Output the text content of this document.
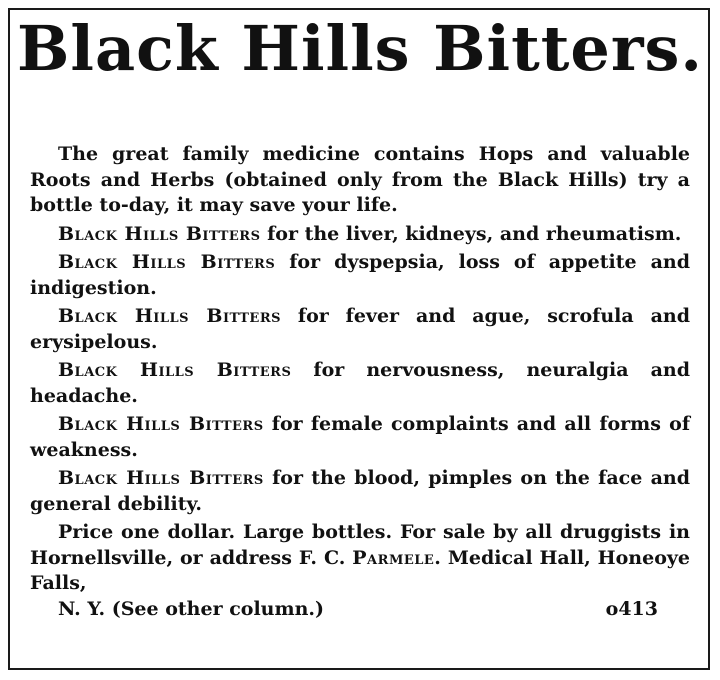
Black Hills Bitters.

The great family medicine contains Hops and valuable Roots and Herbs (obtained only from the Black Hills) try a bottle to-day, it may save your life.

Black Hills Bitters for the liver, kidneys, and rheumatism.

Black Hills Bitters for dyspepsia, loss of appetite and indigestion.

Black Hills Bitters for fever and ague, scrofula and erysipelous.

Black Hills Bitters for nervousness, neuralgia and headache.

Black Hills Bitters for female complaints and all forms of weakness.

Black Hills Bitters for the blood, pimples on the face and general debility.

Price one dollar. Large bottles. For sale by all druggists in Hornellsville, or address F. C. Parmele. Medical Hall, Honeoye Falls,
N. Y. (See other column.)	o413
